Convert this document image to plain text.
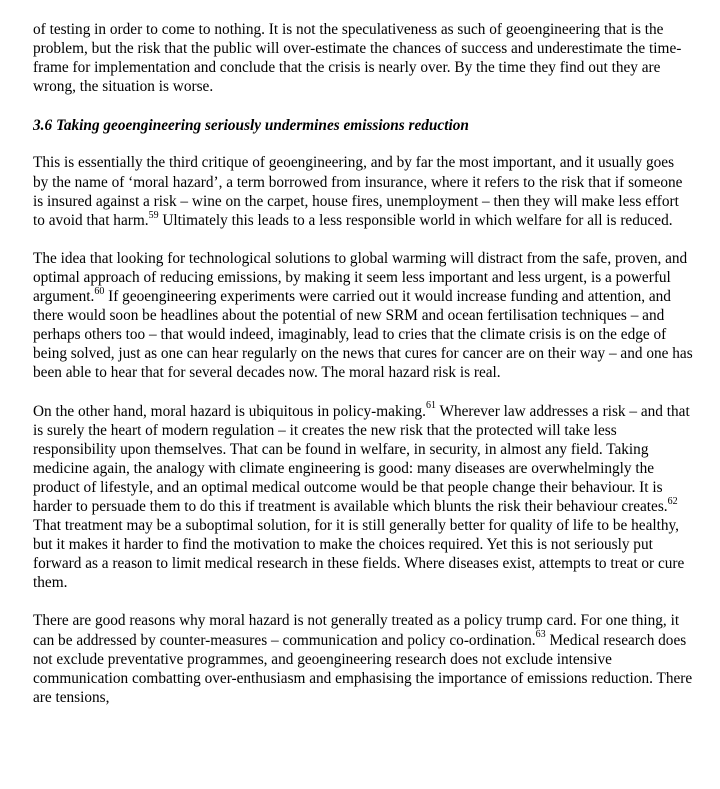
of testing in order to come to nothing. It is not the speculativeness as such of geoengineering that is the problem, but the risk that the public will over-estimate the chances of success and underestimate the time-frame for implementation and conclude that the crisis is nearly over. By the time they find out they are wrong, the situation is worse.

3.6 Taking geoengineering seriously undermines emissions reduction

This is essentially the third critique of geoengineering, and by far the most important, and it usually goes by the name of ‘moral hazard’, a term borrowed from insurance, where it refers to the risk that if someone is insured against a risk – wine on the carpet, house fires, unemployment – then they will make less effort to avoid that harm.$^{59}$ Ultimately this leads to a less responsible world in which welfare for all is reduced.

The idea that looking for technological solutions to global warming will distract from the safe, proven, and optimal approach of reducing emissions, by making it seem less important and less urgent, is a powerful argument.$^{60}$ If geoengineering experiments were carried out it would increase funding and attention, and there would soon be headlines about the potential of new SRM and ocean fertilisation techniques – and perhaps others too – that would indeed, imaginably, lead to cries that the climate crisis is on the edge of being solved, just as one can hear regularly on the news that cures for cancer are on their way – and one has been able to hear that for several decades now. The moral hazard risk is real.

On the other hand, moral hazard is ubiquitous in policy-making.$^{61}$ Wherever law addresses a risk – and that is surely the heart of modern regulation – it creates the new risk that the protected will take less responsibility upon themselves. That can be found in welfare, in security, in almost any field. Taking medicine again, the analogy with climate engineering is good: many diseases are overwhelmingly the product of lifestyle, and an optimal medical outcome would be that people change their behaviour. It is harder to persuade them to do this if treatment is available which blunts the risk their behaviour creates.$^{62}$ That treatment may be a suboptimal solution, for it is still generally better for quality of life to be healthy, but it makes it harder to find the motivation to make the choices required. Yet this is not seriously put forward as a reason to limit medical research in these fields. Where diseases exist, attempts to treat or cure them.

There are good reasons why moral hazard is not generally treated as a policy trump card. For one thing, it can be addressed by counter-measures – communication and policy co-ordination.$^{63}$ Medical research does not exclude preventative programmes, and geoengineering research does not exclude intensive communication combatting over-enthusiasm and emphasising the importance of emissions reduction. There are tensions,
